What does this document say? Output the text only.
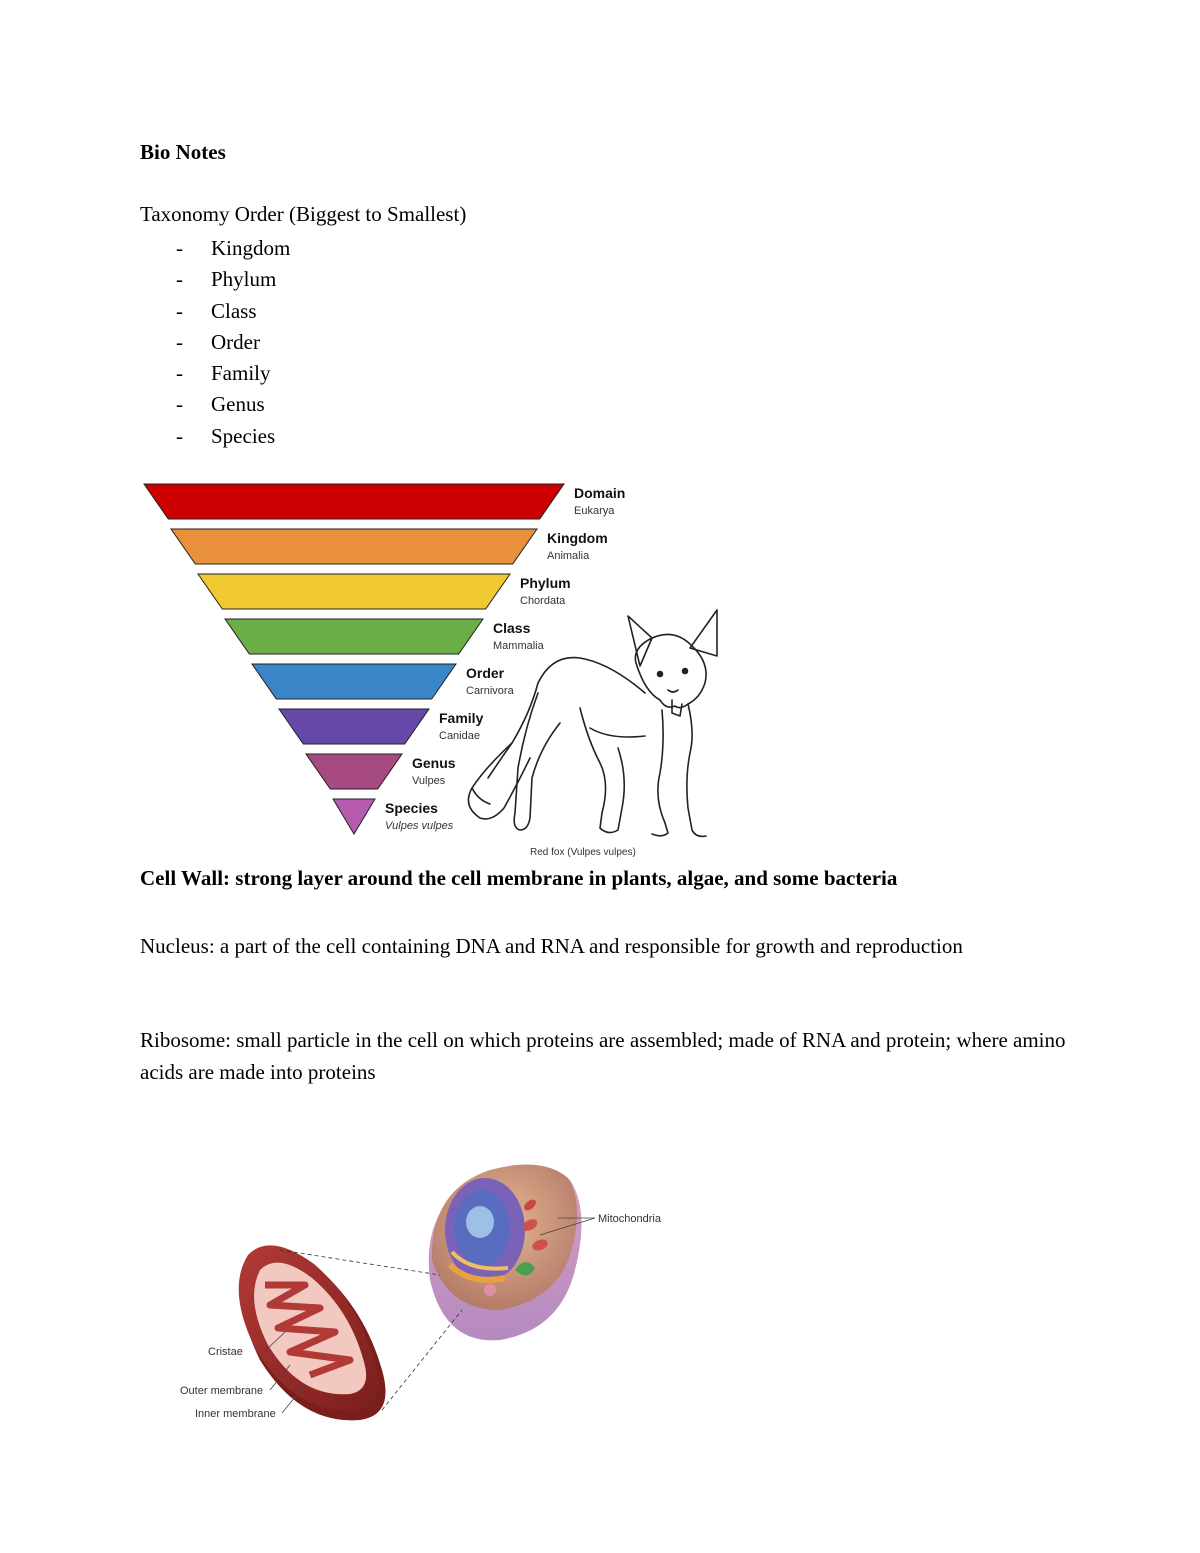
Bio Notes

Taxonomy Order (Biggest to Smallest)

- Kingdom
- Phylum
- Class
- Order
- Family
- Genus
- Species
Domain
Eukarya
Kingdom
Animalia
Phylum
Chordata
Class
Mammalia
Order
Carnivora
Family
Canidae
Genus
Vulpes
Species
Vulpes vulpes
Red fox (Vulpes vulpes)

Cell Wall: strong layer around the cell membrane in plants, algae, and some bacteria

Nucleus: a part of the cell containing DNA and RNA and responsible for growth and reproduction

Ribosome: small particle in the cell on which proteins are assembled; made of RNA and protein; where amino acids are made into proteins

Mitochondria
Cristae
Outer membrane
Inner membrane
